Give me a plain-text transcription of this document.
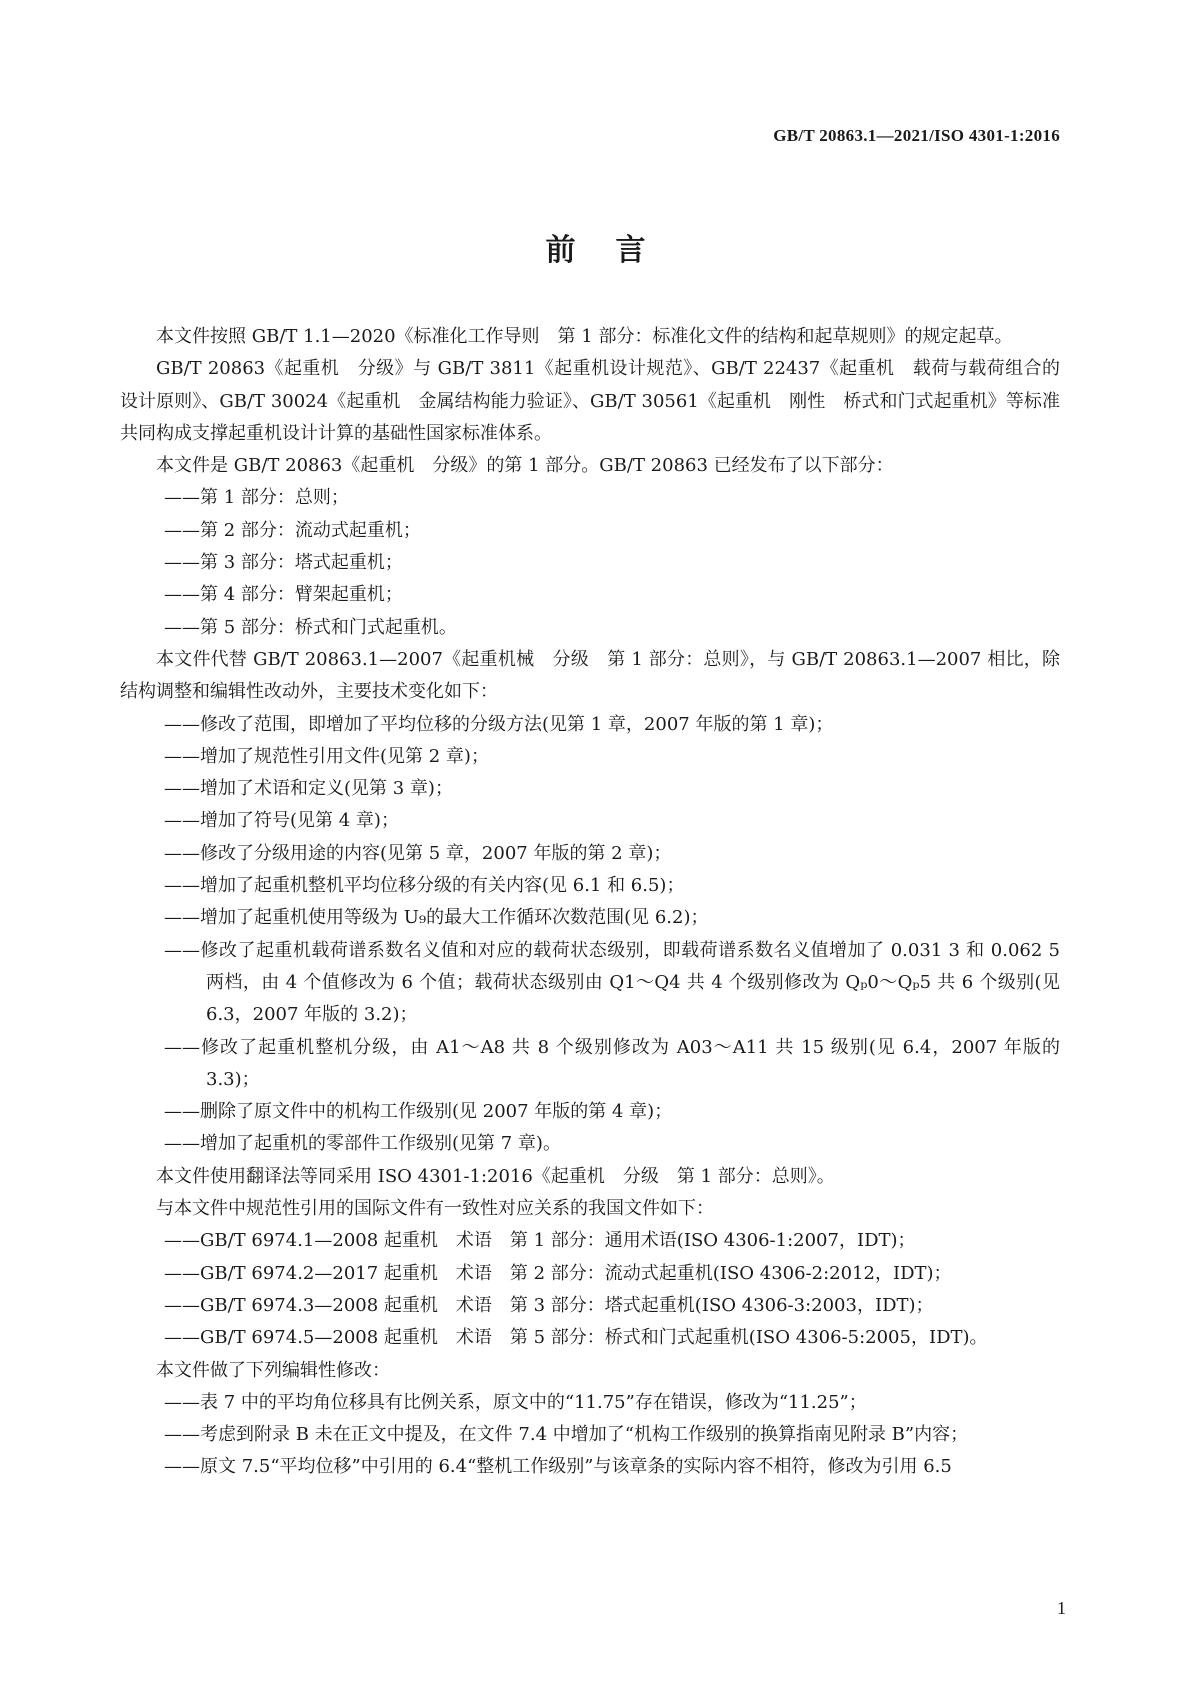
GB/T 20863.1—2021/ISO 4301-1:2016
前 言

本文件按照 GB/T 1.1—2020《标准化工作导则　第 1 部分：标准化文件的结构和起草规则》的规定起草。

GB/T 20863《起重机　分级》与 GB/T 3811《起重机设计规范》、GB/T 22437《起重机　载荷与载荷组合的设计原则》、GB/T 30024《起重机　金属结构能力验证》、GB/T 30561《起重机　刚性　桥式和门式起重机》等标准共同构成支撑起重机设计计算的基础性国家标准体系。

本文件是 GB/T 20863《起重机　分级》的第 1 部分。GB/T 20863 已经发布了以下部分：

——第 1 部分：总则；

——第 2 部分：流动式起重机；

——第 3 部分：塔式起重机；

——第 4 部分：臂架起重机；

——第 5 部分：桥式和门式起重机。

本文件代替 GB/T 20863.1—2007《起重机械　分级　第 1 部分：总则》，与 GB/T 20863.1—2007 相比，除结构调整和编辑性改动外，主要技术变化如下：

——修改了范围，即增加了平均位移的分级方法(见第 1 章，2007 年版的第 1 章)；

——增加了规范性引用文件(见第 2 章)；

——增加了术语和定义(见第 3 章)；

——增加了符号(见第 4 章)；

——修改了分级用途的内容(见第 5 章，2007 年版的第 2 章)；

——增加了起重机整机平均位移分级的有关内容(见 6.1 和 6.5)；

——增加了起重机使用等级为 U₉的最大工作循环次数范围(见 6.2)；

——修改了起重机载荷谱系数名义值和对应的载荷状态级别，即载荷谱系数名义值增加了 0.031 3 和 0.062 5 两档，由 4 个值修改为 6 个值；载荷状态级别由 Q1～Q4 共 4 个级别修改为 Qₚ0～Qₚ5 共 6 个级别(见 6.3，2007 年版的 3.2)；

——修改了起重机整机分级，由 A1～A8 共 8 个级别修改为 A03～A11 共 15 级别(见 6.4，2007 年版的 3.3)；

——删除了原文件中的机构工作级别(见 2007 年版的第 4 章)；

——增加了起重机的零部件工作级别(见第 7 章)。

本文件使用翻译法等同采用 ISO 4301-1:2016《起重机　分级　第 1 部分：总则》。

与本文件中规范性引用的国际文件有一致性对应关系的我国文件如下：

——GB/T 6974.1—2008 起重机　术语　第 1 部分：通用术语(ISO 4306-1:2007，IDT)；

——GB/T 6974.2—2017 起重机　术语　第 2 部分：流动式起重机(ISO 4306-2:2012，IDT)；

——GB/T 6974.3—2008 起重机　术语　第 3 部分：塔式起重机(ISO 4306-3:2003，IDT)；

——GB/T 6974.5—2008 起重机　术语　第 5 部分：桥式和门式起重机(ISO 4306-5:2005，IDT)。

本文件做了下列编辑性修改：

——表 7 中的平均角位移具有比例关系，原文中的“11.75”存在错误，修改为“11.25”；

——考虑到附录 B 未在正文中提及，在文件 7.4 中增加了“机构工作级别的换算指南见附录 B”内容；

——原文 7.5“平均位移”中引用的 6.4“整机工作级别”与该章条的实际内容不相符，修改为引用 6.5

1
